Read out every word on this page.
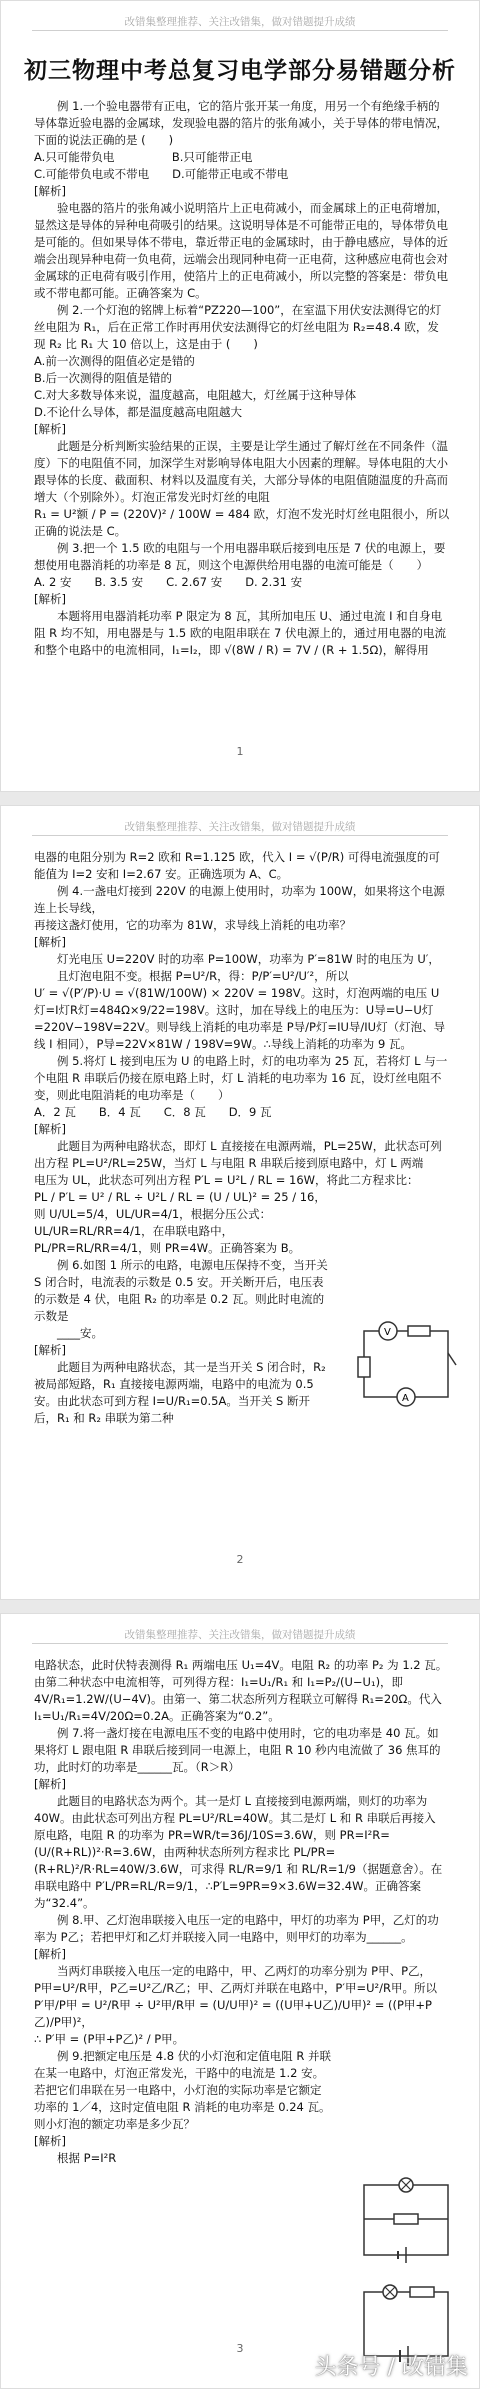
改错集整理推荐、关注改错集，做对错题提升成绩
初三物理中考总复习电学部分易错题分析

例 1.一个验电器带有正电，它的箔片张开某一角度，用另一个有绝缘手柄的导体靠近验电器的金属球，发现验电器的箔片的张角减小，关于导体的带电情况，下面的说法正确的是 (　　)

A.只可能带负电　　　　　B.只可能带正电

C.可能带负电或不带电　　D.可能带正电或不带电

[解析]

验电器的箔片的张角减小说明箔片上正电荷减小，而金属球上的正电荷增加，显然这是导体的异种电荷吸引的结果。这说明导体是不可能带正电的，导体带负电是可能的。但如果导体不带电，靠近带正电的金属球时，由于静电感应，导体的近端会出现异种电荷一负电荷，远端会出现同种电荷一正电荷，这种感应电荷也会对金属球的正电荷有吸引作用，使箔片上的正电荷减小，所以完整的答案是：带负电或不带电都可能。正确答案为 C。

例 2.一个灯泡的铭牌上标着“PZ220—100”，在室温下用伏安法测得它的灯丝电阻为 R₁，后在正常工作时再用伏安法测得它的灯丝电阻为 R₂=48.4 欧，发现 R₂ 比 R₁ 大 10 倍以上，这是由于 (　　)

A.前一次测得的阻值必定是错的

B.后一次测得的阻值是错的

C.对大多数导体来说，温度越高，电阻越大，灯丝属于这种导体

D.不论什么导体，都是温度越高电阻越大

[解析]

此题是分析判断实验结果的正误，主要是让学生通过了解灯丝在不同条件（温度）下的电阻值不同，加深学生对影响导体电阻大小因素的理解。导体电阻的大小跟导体的长度、截面积、材料以及温度有关，大部分导体的电阻值随温度的升高而增大（个别除外）。灯泡正常发光时灯丝的电阻

R₁ = U²额 / P = (220V)² / 100W = 484 欧，灯泡不发光时灯丝电阻很小，所以正确的说法是 C。

例 3.把一个 1.5 欧的电阻与一个用电器串联后接到电压是 7 伏的电源上，要想使用电器消耗的功率是 8 瓦，则这个电源供给用电器的电流可能是（　　）

A. 2 安　　B. 3.5 安　　C. 2.67 安　　D. 2.31 安

[解析]

本题将用电器消耗功率 P 限定为 8 瓦，其所加电压 U、通过电流 I 和自身电阻 R 均不知，用电器是与 1.5 欧的电阻串联在 7 伏电源上的，通过用电器的电流和整个电路中的电流相同，I₁=I₂，即 √(8W / R) = 7V / (R + 1.5Ω)，解得用

1
改错集整理推荐、关注改错集，做对错题提升成绩

电器的电阻分别为 R=2 欧和 R=1.125 欧，代入 I = √(P/R) 可得电流强度的可能值为 I=2 安和 I=2.67 安。正确选项为 A、C。

例 4.一盏电灯接到 220V 的电源上使用时，功率为 100W，如果将这个电源连上长导线，

再接这盏灯使用，它的功率为 81W，求导线上消耗的电功率？

[解析]

灯光电压 U=220V 时的功率 P=100W，功率为 P′=81W 时的电压为 U′，

且灯泡电阻不变。根据 P=U²/R，得：P/P′=U²/U′²，所以

U′ = √(P′/P)·U = √(81W/100W) × 220V = 198V。这时，灯泡两端的电压 U灯=I灯R灯=484Ω×9/22=198V。这时，加在导线上的电压为：U导=U−U灯=220V−198V=22V。则导线上消耗的电功率是 P导/P灯=IU导/IU灯（灯泡、导线 I 相同），P导=22V×81W / 198V=9W。∴导线上消耗的功率为 9 瓦。

例 5.将灯 L 接到电压为 U 的电路上时，灯的电功率为 25 瓦，若将灯 L 与一个电阻 R 串联后仍接在原电路上时，灯 L 消耗的电功率为 16 瓦，设灯丝电阻不变，则此电阻消耗的电功率是（　　）

A．2 瓦　　B．4 瓦　　C．8 瓦　　D．9 瓦

[解析]

此题目为两种电路状态，即灯 L 直接接在电源两端，PL=25W，此状态可列出方程 PL=U²/RL=25W，当灯 L 与电阻 R 串联后接到原电路中，灯 L 两端

电压为 UL，此状态可列出方程 P′L = U²L / RL = 16W，将此二方程求比：

PL / P′L = U² / RL ÷ U²L / RL = (U / UL)² = 25 / 16，则 U/UL=5/4，UL/UR=4/1，根据分压公式：UL/UR=RL/RR=4/1，在串联电路中，

PL/PR=RL/RR=4/1，则 PR=4W。正确答案为 B。

例 6.如图 1 所示的电路，电源电压保持不变，当开关 S 闭合时，电流表的示数是 0.5 安。开关断开后，电压表的示数是 4 伏，电阻 R₂ 的功率是 0.2 瓦。则此时电流的示数是

____安。

[解析]

此题目为两种电路状态，其一是当开关 S 闭合时，R₂ 被局部短路，R₁ 直接接电源两端，电路中的电流为 0.5 安。由此状态可到方程 I=U/R₁=0.5A。当开关 S 断开后，R₁ 和 R₂ 串联为第二种

V
A
2
改错集整理推荐、关注改错集，做对错题提升成绩

电路状态，此时伏特表测得 R₁ 两端电压 U₁=4V。电阻 R₂ 的功率 P₂ 为 1.2 瓦。由第二种状态中电流相等，可列得方程：I₁=U₁/R₁ 和 I₁=P₂/(U−U₁)，即 4V/R₁=1.2W/(U−4V)。由第一、第二状态所列方程联立可解得 R₁=20Ω。代入 I₁=U₁/R₁=4V/20Ω=0.2A。正确答案为“0.2”。

例 7.将一盏灯接在电源电压不变的电路中使用时，它的电功率是 40 瓦。如果将灯 L 跟电阻 R 串联后接到同一电源上，电阻 R 10 秒内电流做了 36 焦耳的功，此时灯的功率是______瓦。（R＞R）

[解析]

此题目的电路状态为两个。其一是灯 L 直接接到电源两端，则灯的功率为 40W。由此状态可列出方程 PL=U²/RL=40W。其二是灯 L 和 R 串联后再接入

原电路，电阻 R 的功率为 PR=WR/t=36J/10S=3.6W，则 PR=I²R=(U/(R+RL))²·R=3.6W，由两种状态所列方程求比 PL/PR=(R+RL)²/R·RL=40W/3.6W，可求得 RL/R=9/1 和 RL/R=1/9（据题意舍）。在串联电路中 P′L/PR=RL/R=9/1，∴P′L=9PR=9×3.6W=32.4W。正确答案为“32.4”。

例 8.甲、乙灯泡串联接入电压一定的电路中，甲灯的功率为 P甲，乙灯的功率为 P乙；若把甲灯和乙灯并联接入同一电路中，则甲灯的功率为______。

[解析]

当两灯串联接入电压一定的电路中，甲、乙两灯的功率分别为 P甲、P乙，

P甲=U²/R甲，P乙=U²乙/R乙；甲、乙两灯并联在电路中，P′甲=U²/R甲。所以

P′甲/P甲 = U²/R甲 ÷ U²甲/R甲 = (U/U甲)² = ((U甲+U乙)/U甲)² = ((P甲+P乙)/P甲)²，

∴ P′甲 = (P甲+P乙)² / P甲。

例 9.把额定电压是 4.8 伏的小灯泡和定值电阻 R 并联在某一电路中，灯泡正常发光，干路中的电流是 1.2 安。若把它们串联在另一电路中，小灯泡的实际功率是它额定功率的 1／4，这时定值电阻 R 消耗的电功率是 0.24 瓦。则小灯泡的额定功率是多少瓦？

[解析]

根据 P=I²R

3
头条号 / 改错集
